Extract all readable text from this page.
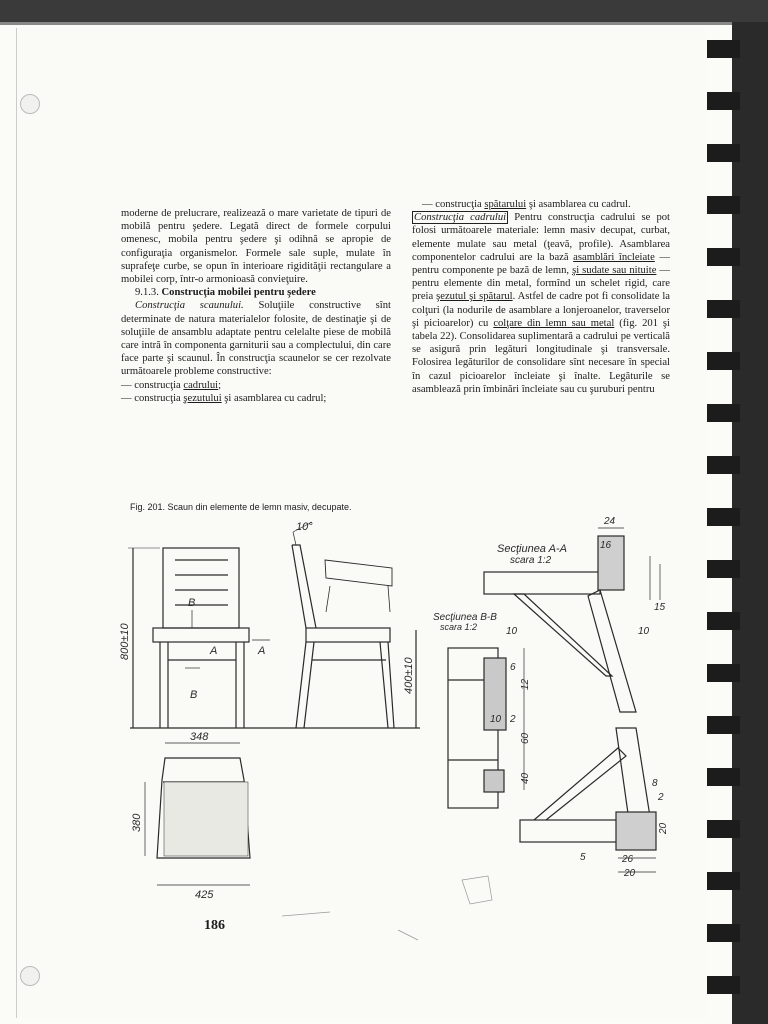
moderne de prelucrare, realizează o mare varietate de tipuri de mobilă pentru şedere. Legată direct de formele corpului omenesc, mobila pentru şedere şi odihnă se apropie de configuraţia organismelor. Formele sale suple, mulate în suprafeţe curbe, se opun în interioare rigidităţii rectangulare a mobilei corp, într-o armonioasă convieţuire.

9.1.3. Construcţia mobilei pentru şedere

Construcţia scaunului. Soluţiile constructive sînt determinate de natura materialelor folosite, de destinaţie şi de soluţiile de ansamblu adaptate pentru celelalte piese de mobilă care intră în componenta garniturii sau a complectului, din care face parte şi scaunul. În construcţia scaunelor se cer rezolvate următoarele probleme constructive:

— construcţia cadrului;

— construcţia şezutului şi asamblarea cu cadrul;

— construcţia spătarului şi asamblarea cu cadrul.

Construcţia cadrului Pentru construcţia cadrului se pot folosi următoarele materiale: lemn masiv decupat, curbat, elemente mulate sau metal (ţeavă, profile). Asamblarea componentelor cadrului are la bază asamblări încleiate — pentru componente pe bază de lemn, şi sudate sau nituite — pentru elemente din metal, formînd un schelet rigid, care preia şezutul şi spătarul. Astfel de cadre pot fi consolidate la colţuri (la nodurile de asamblare a lonjeroanelor, traverselor şi picioarelor) cu colţare din lemn sau metal (fig. 201 şi tabela 22). Consolidarea suplimentară a cadrului pe verticală se asigură prin legături longitudinale şi transversale. Folosirea legăturilor de consolidare sînt necesare în special în cazul picioarelor încleiate şi înalte. Legăturile se asamblează prin îmbinări încleiate sau cu şuruburi pentru

Fig. 201. Scaun din elemente de lemn masiv, decupate.
186
800±10
400±10
10°
348
380
425
B
A	A
B
Secţiunea A-A
scara 1:2
Secţiunea B-B
scara 1:2
24
16
10
10 2
8
2
20
26
20
5
10
60
12
15
40
6
